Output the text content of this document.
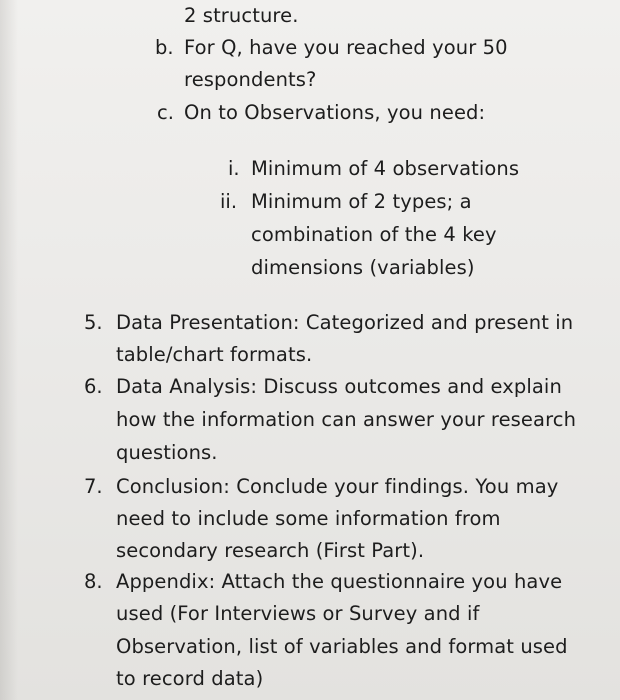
2 structure.
b. For Q, have you reached your 50
respondents?
c. On to Observations, you need:
i. Minimum of 4 observations
ii. Minimum of 2 types; a
combination of the 4 key
dimensions (variables)
5. Data Presentation: Categorized and present in
table/chart formats.
6. Data Analysis: Discuss outcomes and explain
how the information can answer your research
questions.
7. Conclusion: Conclude your findings. You may
need to include some information from
secondary research (First Part).
8. Appendix: Attach the questionnaire you have
used (For Interviews or Survey and if
Observation, list of variables and format used
to record data)
